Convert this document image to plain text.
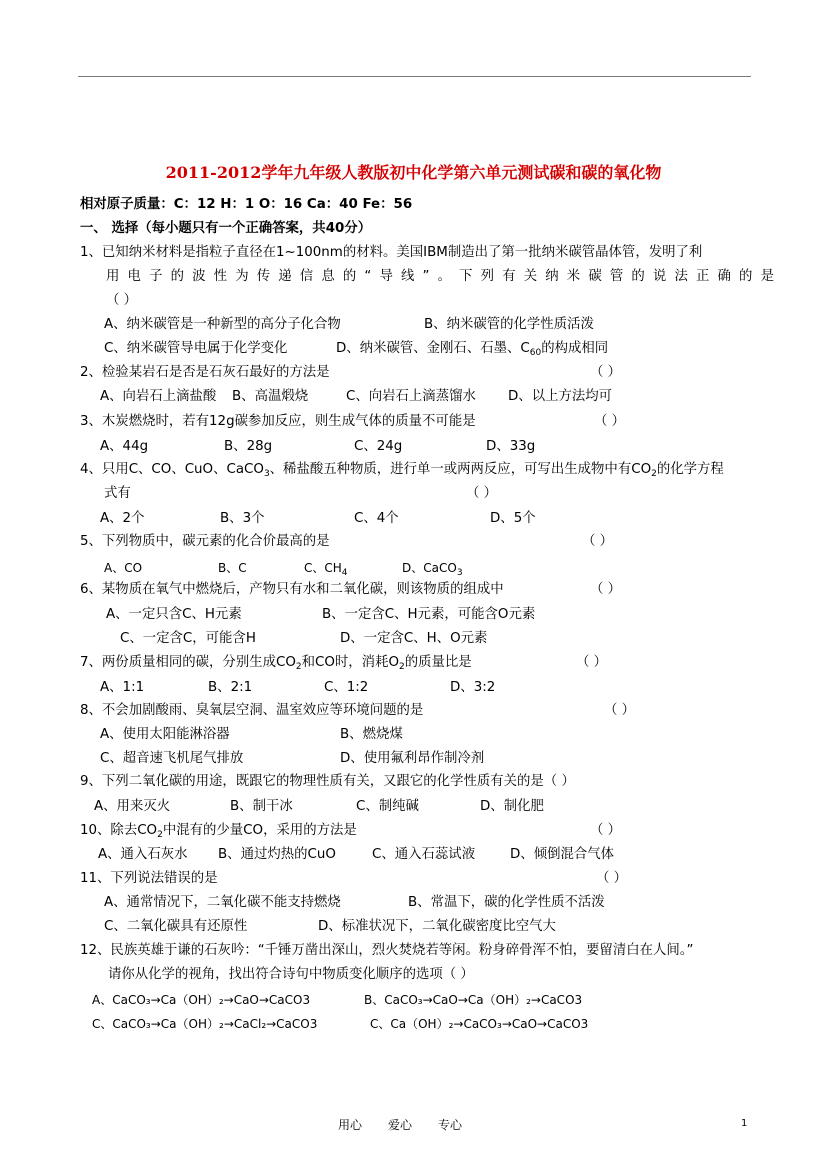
2011-2012学年九年级人教版初中化学第六单元测试碳和碳的氧化物
相对原子质量：C：12 H：1 O：16 Ca：40 Fe：56
一、 选择（每小题只有一个正确答案，共40分）
1、已知纳米材料是指粒子直径在1~100nm的材料。美国IBM制造出了第一批纳米碳管晶体管，发明了利
用 电 子 的 波 性 为 传 递 信 息 的 “ 导 线 ” 。 下 列 有 关 纳 米 碳 管 的 说 法 正 确 的 是
（ ）
A、纳米碳管是一种新型的高分子化合物	B、纳米碳管的化学性质活泼
C、纳米碳管导电属于化学变化	D、纳米碳管、金刚石、石墨、$C_{60}$的构成相同
2、检验某岩石是否是石灰石最好的方法是	（ ）
A、向岩石上滴盐酸 B、高温煅烧	C、向岩石上滴蒸馏水 D、以上方法均可
3、木炭燃烧时，若有12g碳参加反应，则生成气体的质量不可能是	（ ）
A、44g	B、28g	C、24g	D、33g
4、只用C、CO、CuO、CaCO$_3$、稀盐酸五种物质，进行单一或两两反应，可写出生成物中有$CO_2$的化学方程
式有	（ ）
A、2个	B、3个	C、4个	D、5个
5、下列物质中，碳元素的化合价最高的是	（ ）
A、CO	B、C	C、$CH_4$	D、CaCO$_3$
6、某物质在氧气中燃烧后，产物只有水和二氧化碳，则该物质的组成中	（ ）
A、一定只含C、H元素	B、一定含C、H元素，可能含O元素
C、一定含C，可能含H	D、一定含C、H、O元素
7、两份质量相同的碳，分别生成$CO_2$和CO时，消耗$O_2$的质量比是	（ ）
A、1:1	B、2:1	C、1:2	D、3:2
8、不会加剧酸雨、臭氧层空洞、温室效应等环境问题的是	（ ）
A、使用太阳能淋浴器	B、燃烧煤
C、超音速飞机尾气排放	D、使用氟利昂作制冷剂
9、下列二氧化碳的用途，既跟它的物理性质有关，又跟它的化学性质有关的是（ ）
A、用来灭火	B、制干冰	C、制纯碱	D、制化肥
10、除去$CO_2$中混有的少量CO，采用的方法是	（ ）
A、通入石灰水 B、通过灼热的CuO	C、通入石蕊试液	D、倾倒混合气体
11、下列说法错误的是	（ ）
A、通常情况下，二氧化碳不能支持燃烧	B、常温下，碳的化学性质不活泼
C、二氧化碳具有还原性	D、标准状况下，二氧化碳密度比空气大
12、民族英雄于谦的石灰吟：“千锤万凿出深山，烈火焚烧若等闲。粉身碎骨浑不怕，要留清白在人间。”
请你从化学的视角，找出符合诗句中物质变化顺序的选项（ ）
A、CaCO₃→Ca（OH）₂→CaO→CaCO3	B、CaCO₃→CaO→Ca（OH）₂→CaCO3
C、CaCO₃→Ca（OH）₂→CaCl₂→CaCO3	C、Ca（OH）₂→CaCO₃→CaO→CaCO3
用心 爱心 专心	1
